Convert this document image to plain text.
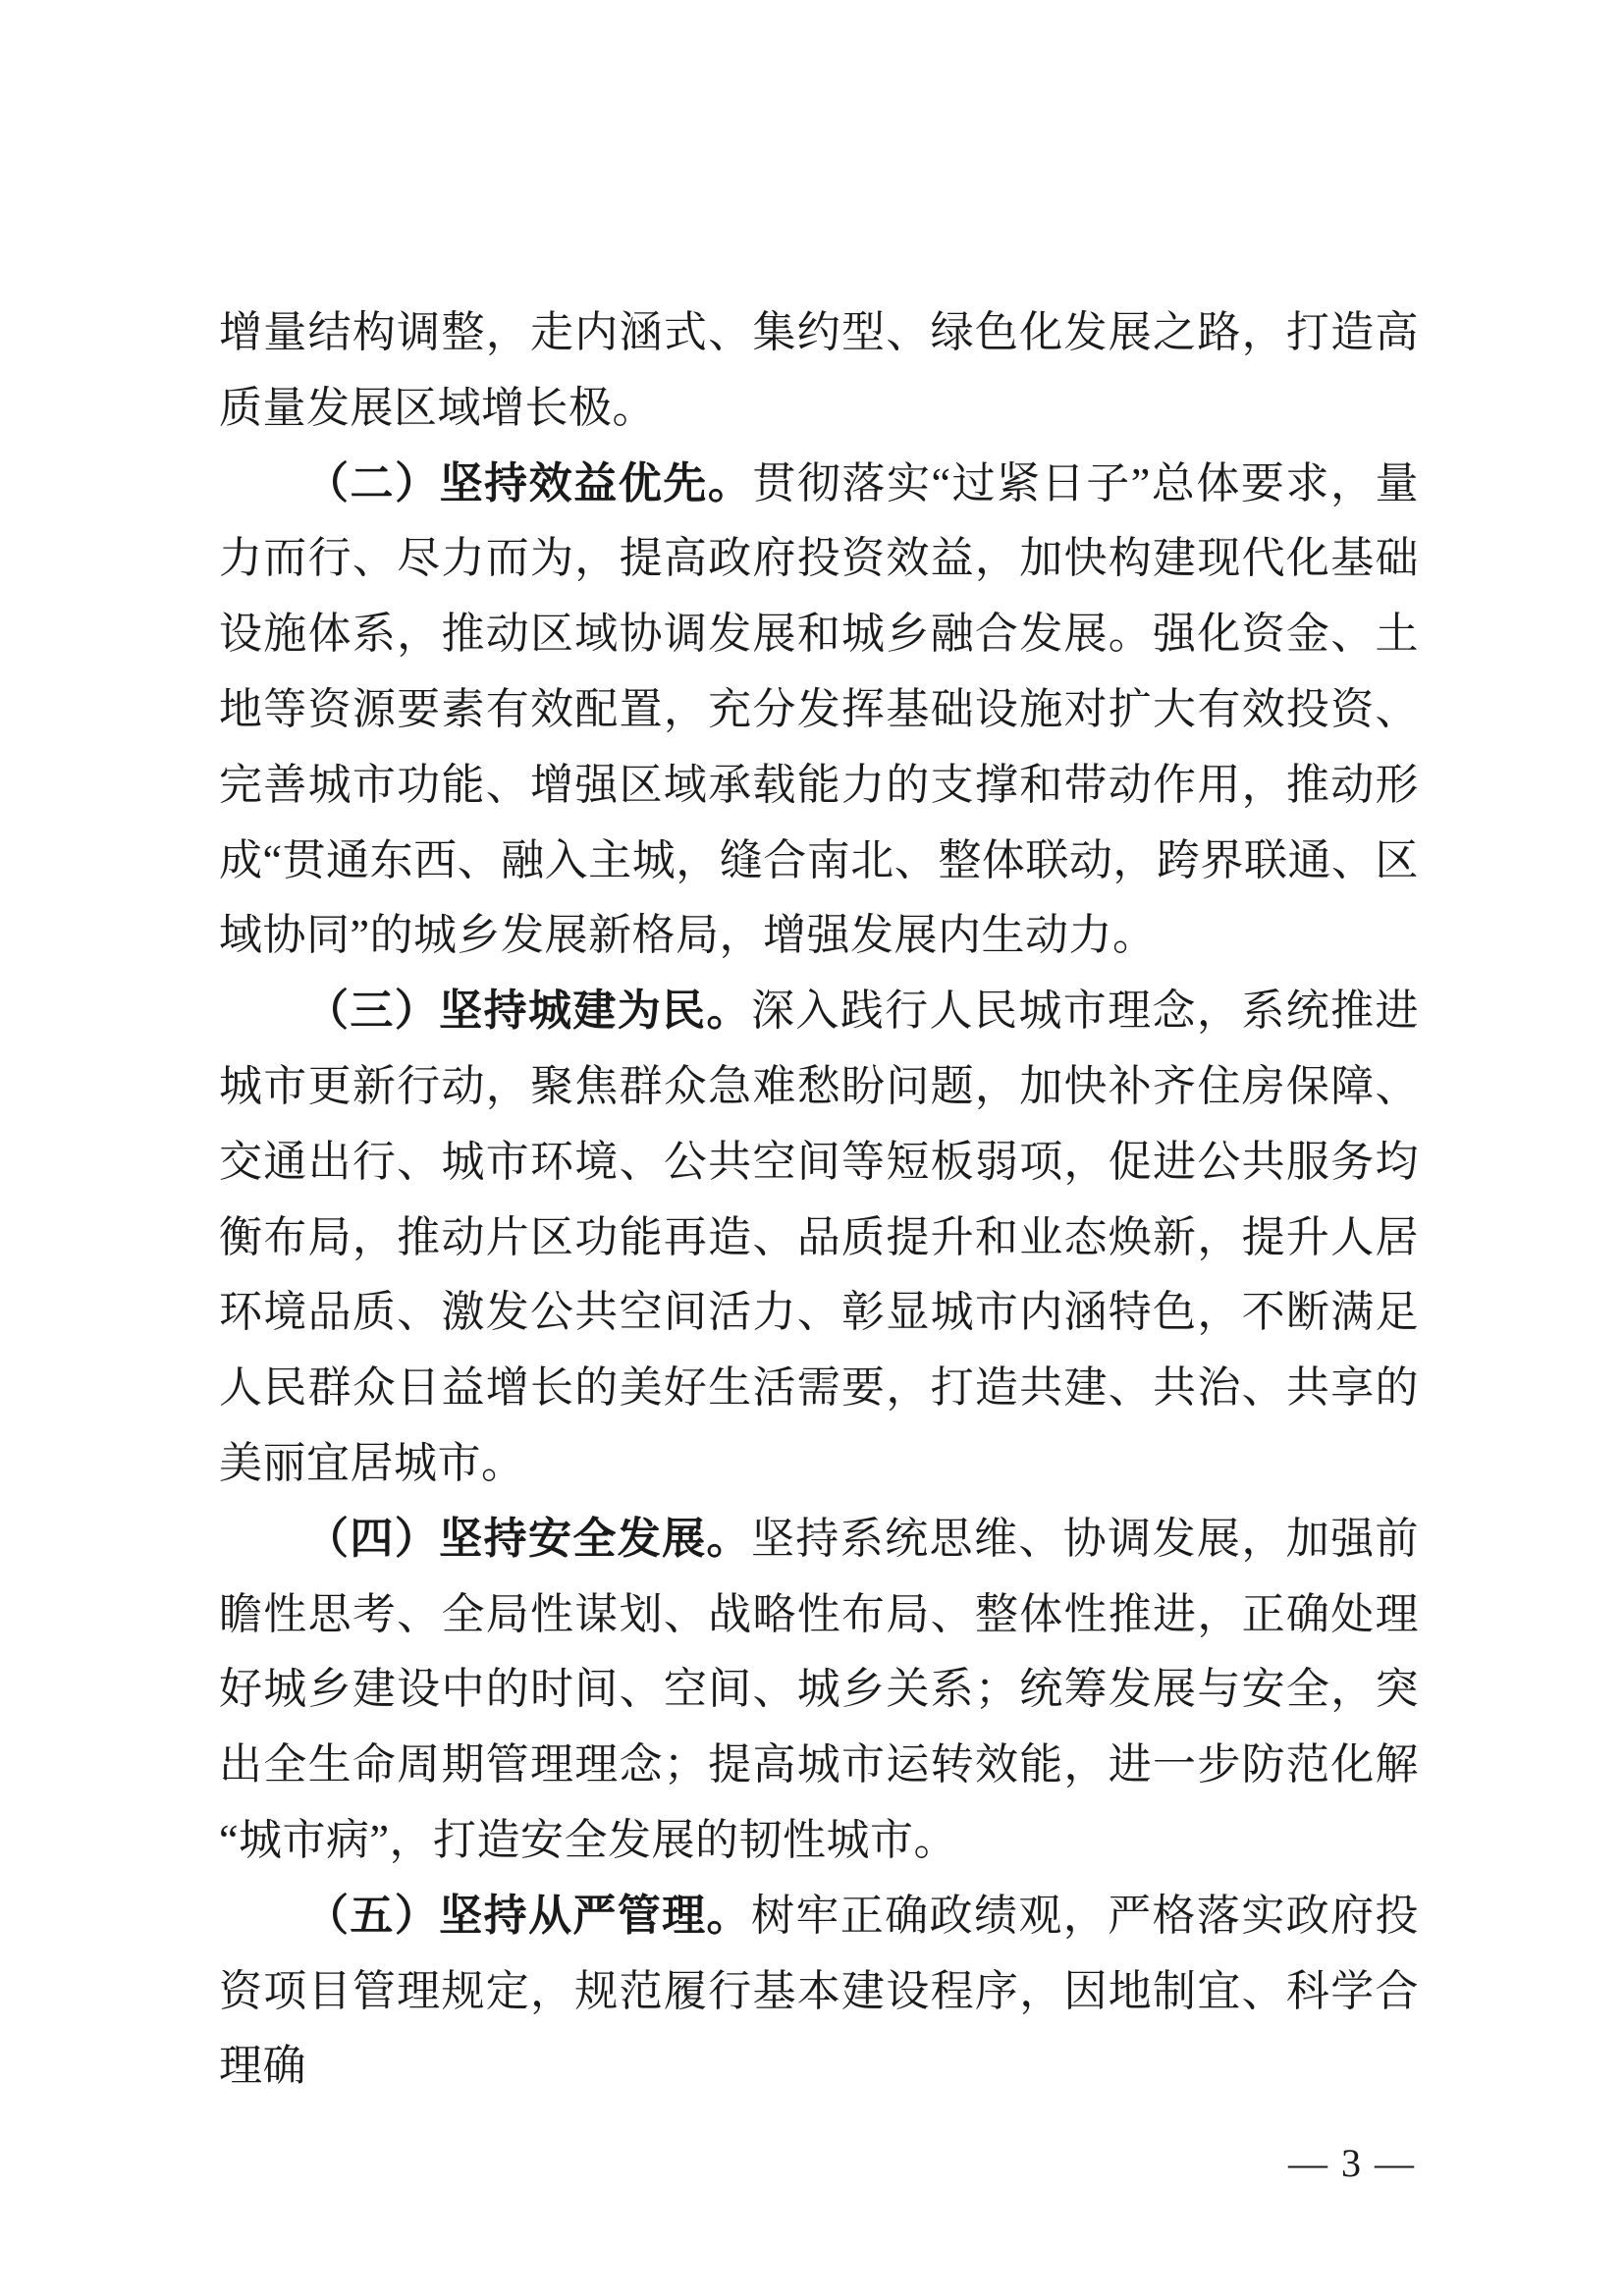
增量结构调整，走内涵式、集约型、绿色化发展之路，打造高质量发展区域增长极。

（二）坚持效益优先。贯彻落实“过紧日子”总体要求，量力而行、尽力而为，提高政府投资效益，加快构建现代化基础设施体系，推动区域协调发展和城乡融合发展。强化资金、土地等资源要素有效配置，充分发挥基础设施对扩大有效投资、完善城市功能、增强区域承载能力的支撑和带动作用，推动形成“贯通东西、融入主城，缝合南北、整体联动，跨界联通、区域协同”的城乡发展新格局，增强发展内生动力。

（三）坚持城建为民。深入践行人民城市理念，系统推进城市更新行动，聚焦群众急难愁盼问题，加快补齐住房保障、交通出行、城市环境、公共空间等短板弱项，促进公共服务均衡布局，推动片区功能再造、品质提升和业态焕新，提升人居环境品质、激发公共空间活力、彰显城市内涵特色，不断满足人民群众日益增长的美好生活需要，打造共建、共治、共享的美丽宜居城市。

（四）坚持安全发展。坚持系统思维、协调发展，加强前瞻性思考、全局性谋划、战略性布局、整体性推进，正确处理好城乡建设中的时间、空间、城乡关系；统筹发展与安全，突出全生命周期管理理念；提高城市运转效能，进一步防范化解“城市病”，打造安全发展的韧性城市。

（五）坚持从严管理。树牢正确政绩观，严格落实政府投资项目管理规定，规范履行基本建设程序，因地制宜、科学合理确

— 3 —
